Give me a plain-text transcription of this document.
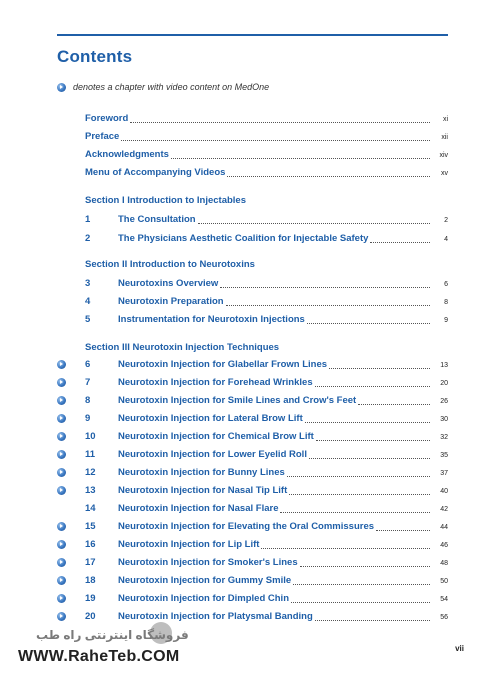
Contents
denotes a chapter with video content on MedOne
Foreword	xi
Preface	xii
Acknowledgments	xiv
Menu of Accompanying Videos	xv
Section I Introduction to Injectables
1	The Consultation	2
2	The Physicians Aesthetic Coalition for Injectable Safety	4
Section II Introduction to Neurotoxins
3	Neurotoxins Overview	6
4	Neurotoxin Preparation	8
5	Instrumentation for Neurotoxin Injections	9
Section III Neurotoxin Injection Techniques
6	Neurotoxin Injection for Glabellar Frown Lines	13
7	Neurotoxin Injection for Forehead Wrinkles	20
8	Neurotoxin Injection for Smile Lines and Crow's Feet	26
9	Neurotoxin Injection for Lateral Brow Lift	30
10 Neurotoxin Injection for Chemical Brow Lift	32
11 Neurotoxin Injection for Lower Eyelid Roll	35
12 Neurotoxin Injection for Bunny Lines	37
13 Neurotoxin Injection for Nasal Tip Lift	40
14 Neurotoxin Injection for Nasal Flare	42
15 Neurotoxin Injection for Elevating the Oral Commissures	44
16 Neurotoxin Injection for Lip Lift	46
17 Neurotoxin Injection for Smoker's Lines	48
18 Neurotoxin Injection for Gummy Smile	50
19 Neurotoxin Injection for Dimpled Chin	54
20 Neurotoxin Injection for Platysmal Banding	56
فروشگاه اینترنتی راه طب
WWW.RaheTeb.COM	vii
